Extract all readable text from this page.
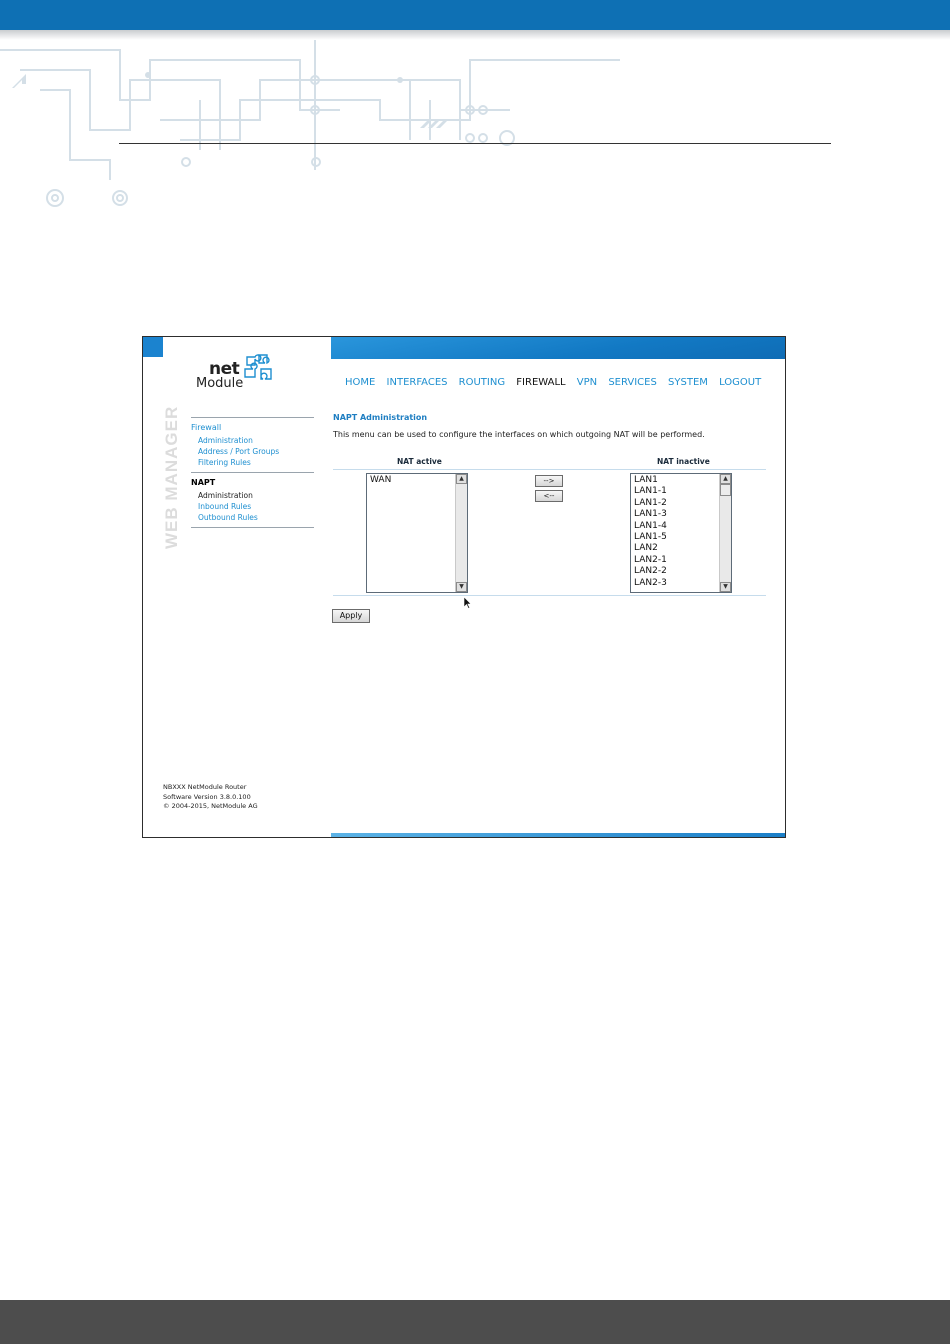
net
Module
WEB MANAGER Firewall
Administration
Address / Port Groups
Filtering Rules
NAPT
Administration
Inbound Rules
Outbound Rules
NBXXX NetModule Router
Software Version 3.8.0.100
© 2004-2015, NetModule AG
HOME INTERFACES ROUTING FIREWALL VPN SERVICES SYSTEM LOGOUT
NAPT Administration
This menu can be used to configure the interfaces on which outgoing NAT will be performed.
NAT active	NAT inactive
WAN	▲
▼
-->
<--
LAN1
LAN1-1
LAN1-2
LAN1-3
LAN1-4
LAN1-5
LAN2
LAN2-1
LAN2-2
LAN2-3
▲
▼
Apply
